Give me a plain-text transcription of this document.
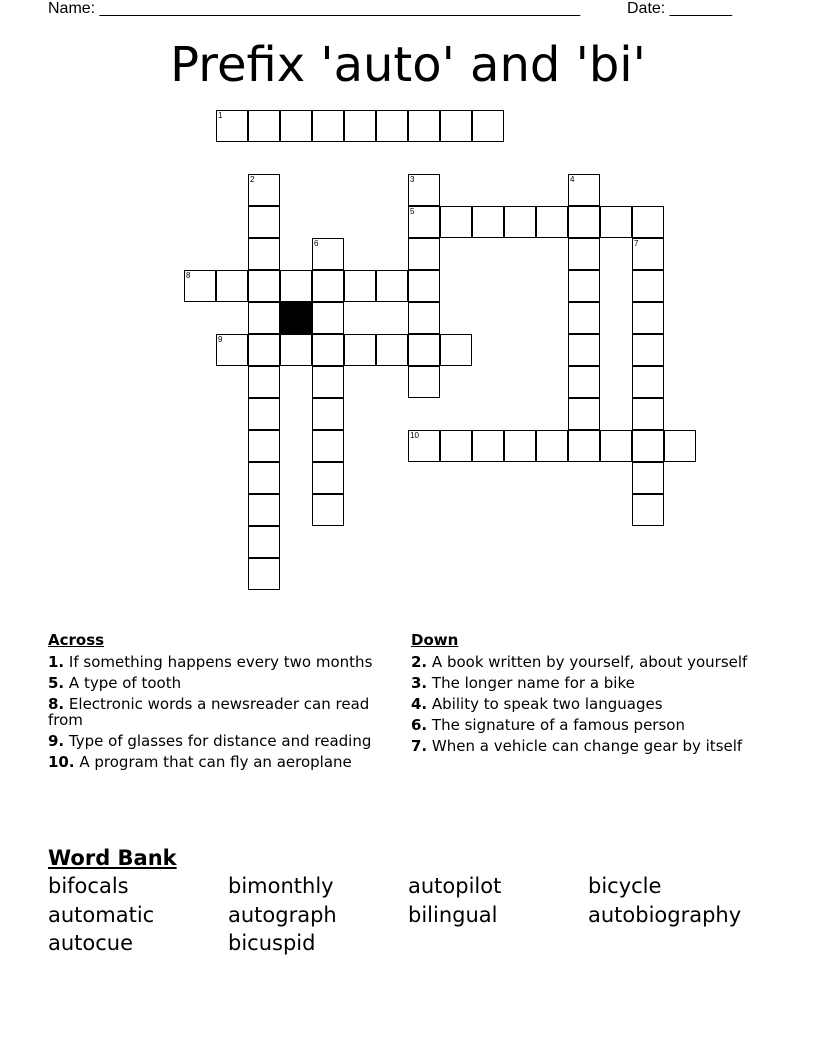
Name: ______________________________________________________	Date: _______
Prefix 'auto' and 'bi'
1
2	3
5
4
6	7
8
9
10
Across
1. If something happens every two months
5. A type of tooth
8. Electronic words a newsreader can read from
9. Type of glasses for distance and reading
10. A program that can fly an aeroplane
Down
2. A book written by yourself, about yourself
3. The longer name for a bike
4. Ability to speak two languages
6. The signature of a famous person
7. When a vehicle can change gear by itself
Word Bank
bifocals	bimonthly	autopilot	bicycle
automatic	autograph	bilingual	autobiography
autocue	bicuspid
